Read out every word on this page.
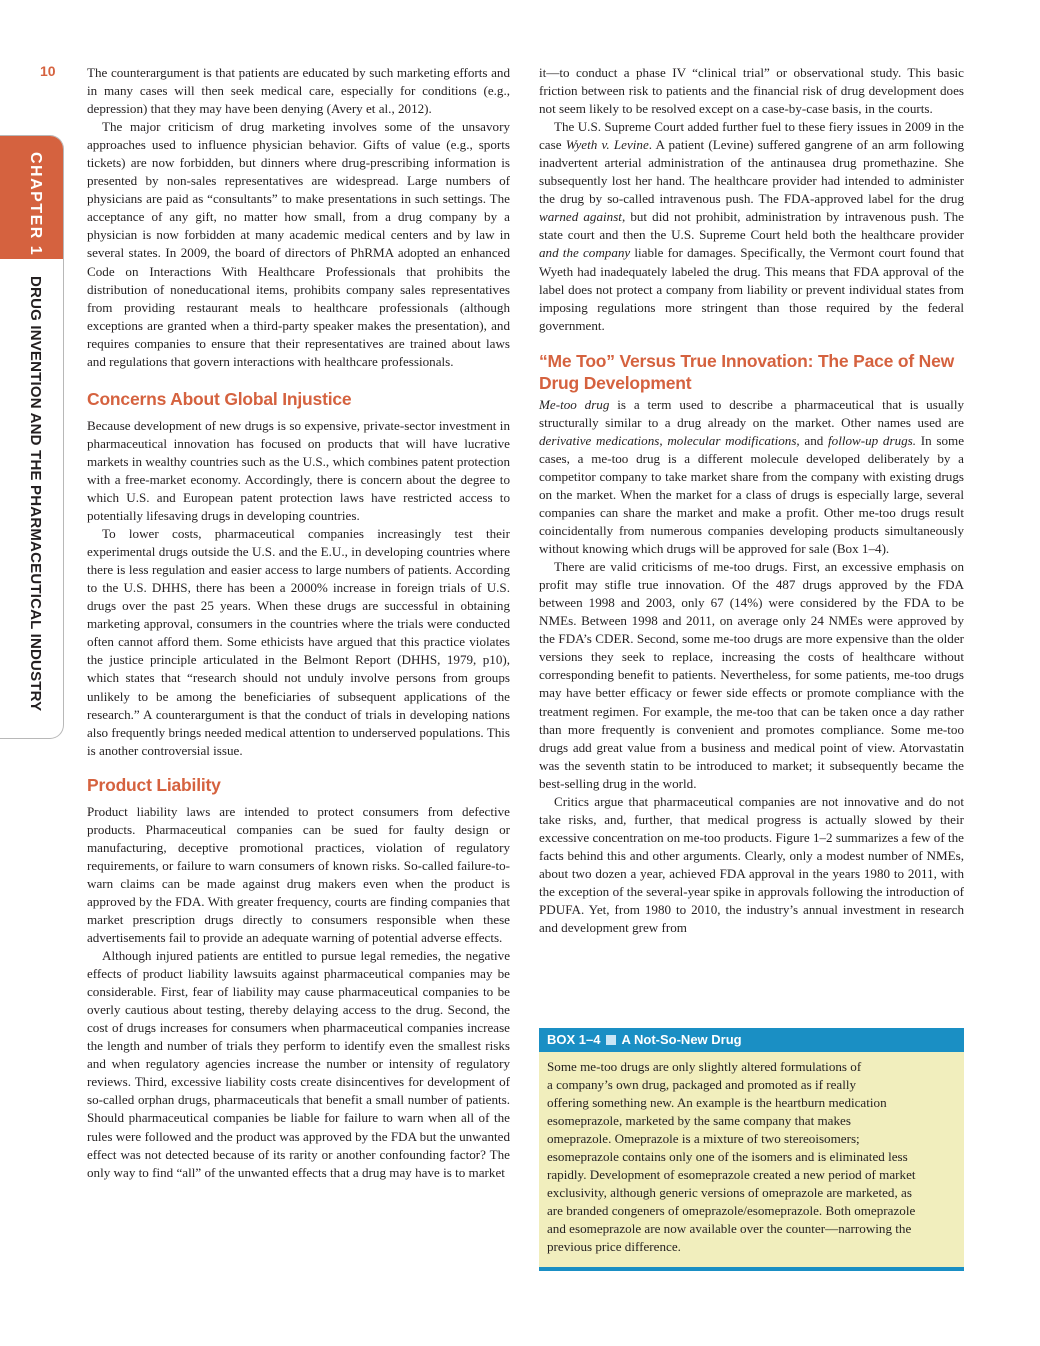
10
CHAPTER 1
DRUG INVENTION AND THE PHARMACEUTICAL INDUSTRY

The counterargument is that patients are educated by such marketing efforts and in many cases will then seek medical care, especially for conditions (e.g., depression) that they may have been denying (Avery et al., 2012).

The major criticism of drug marketing involves some of the unsavory approaches used to influence physician behavior. Gifts of value (e.g., sports tickets) are now forbidden, but dinners where drug-prescribing information is presented by non-sales representatives are widespread. Large numbers of physicians are paid as “consultants” to make presentations in such settings. The acceptance of any gift, no matter how small, from a drug company by a physician is now forbidden at many academic medical centers and by law in several states. In 2009, the board of directors of PhRMA adopted an enhanced Code on Interactions With Healthcare Professionals that prohibits the distribution of noneducational items, prohibits company sales representatives from providing restaurant meals to healthcare professionals (although exceptions are granted when a third-party speaker makes the presentation), and requires companies to ensure that their representatives are trained about laws and regulations that govern interactions with healthcare professionals.

Concerns About Global Injustice

Because development of new drugs is so expensive, private-sector investment in pharmaceutical innovation has focused on products that will have lucrative markets in wealthy countries such as the U.S., which combines patent protection with a free-market economy. Accordingly, there is concern about the degree to which U.S. and European patent protection laws have restricted access to potentially lifesaving drugs in developing countries.

To lower costs, pharmaceutical companies increasingly test their experimental drugs outside the U.S. and the E.U., in developing countries where there is less regulation and easier access to large numbers of patients. According to the U.S. DHHS, there has been a 2000% increase in foreign trials of U.S. drugs over the past 25 years. When these drugs are successful in obtaining marketing approval, consumers in the countries where the trials were conducted often cannot afford them. Some ethicists have argued that this practice violates the justice principle articulated in the Belmont Report (DHHS, 1979, p10), which states that “research should not unduly involve persons from groups unlikely to be among the beneficiaries of subsequent applications of the research.” A counterargument is that the conduct of trials in developing nations also frequently brings needed medical attention to underserved populations. This is another controversial issue.

Product Liability

Product liability laws are intended to protect consumers from defective products. Pharmaceutical companies can be sued for faulty design or manufacturing, deceptive promotional practices, violation of regulatory requirements, or failure to warn consumers of known risks. So-called failure-to-warn claims can be made against drug makers even when the product is approved by the FDA. With greater frequency, courts are finding companies that market prescription drugs directly to consumers responsible when these advertisements fail to provide an adequate warning of potential adverse effects.

Although injured patients are entitled to pursue legal remedies, the negative effects of product liability lawsuits against pharmaceutical companies may be considerable. First, fear of liability may cause pharmaceutical companies to be overly cautious about testing, thereby delaying access to the drug. Second, the cost of drugs increases for consumers when pharmaceutical companies increase the length and number of trials they perform to identify even the smallest risks and when regulatory agencies increase the number or intensity of regulatory reviews. Third, excessive liability costs create disincentives for development of so-called orphan drugs, pharmaceuticals that benefit a small number of patients. Should pharmaceutical companies be liable for failure to warn when all of the rules were followed and the product was approved by the FDA but the unwanted effect was not detected because of its rarity or another confounding factor? The only way to find “all” of the unwanted effects that a drug may have is to market

it—to conduct a phase IV “clinical trial” or observational study. This basic friction between risk to patients and the financial risk of drug development does not seem likely to be resolved except on a case-by-case basis, in the courts.

The U.S. Supreme Court added further fuel to these fiery issues in 2009 in the case Wyeth v. Levine. A patient (Levine) suffered gangrene of an arm following inadvertent arterial administration of the antinausea drug promethazine. She subsequently lost her hand. The healthcare provider had intended to administer the drug by so-called intravenous push. The FDA-approved label for the drug warned against, but did not prohibit, administration by intravenous push. The state court and then the U.S. Supreme Court held both the healthcare provider and the company liable for damages. Specifically, the Vermont court found that Wyeth had inadequately labeled the drug. This means that FDA approval of the label does not protect a company from liability or prevent individual states from imposing regulations more stringent than those required by the federal government.

“Me Too” Versus True Innovation: The Pace of New Drug Development

Me-too drug is a term used to describe a pharmaceutical that is usually structurally similar to a drug already on the market. Other names used are derivative medications, molecular modifications, and follow-up drugs. In some cases, a me-too drug is a different molecule developed deliberately by a competitor company to take market share from the company with existing drugs on the market. When the market for a class of drugs is especially large, several companies can share the market and make a profit. Other me-too drugs result coincidentally from numerous companies developing products simultaneously without knowing which drugs will be approved for sale (Box 1–4).

There are valid criticisms of me-too drugs. First, an excessive emphasis on profit may stifle true innovation. Of the 487 drugs approved by the FDA between 1998 and 2003, only 67 (14%) were considered by the FDA to be NMEs. Between 1998 and 2011, on average only 24 NMEs were approved by the FDA’s CDER. Second, some me-too drugs are more expensive than the older versions they seek to replace, increasing the costs of healthcare without corresponding benefit to patients. Nevertheless, for some patients, me-too drugs may have better efficacy or fewer side effects or promote compliance with the treatment regimen. For example, the me-too that can be taken once a day rather than more frequently is convenient and promotes compliance. Some me-too drugs add great value from a business and medical point of view. Atorvastatin was the seventh statin to be introduced to market; it subsequently became the best-selling drug in the world.

Critics argue that pharmaceutical companies are not innovative and do not take risks, and, further, that medical progress is actually slowed by their excessive concentration on me-too products. Figure 1–2 summarizes a few of the facts behind this and other arguments. Clearly, only a modest number of NMEs, about two dozen a year, achieved FDA approval in the years 1980 to 2011, with the exception of the several-year spike in approvals following the introduction of PDUFA. Yet, from 1980 to 2010, the industry’s annual investment in research and development grew from

BOX 1–4 A Not-So-New Drug
Some me-too drugs are only slightly altered formulations of
a company’s own drug, packaged and promoted as if really
offering something new. An example is the heartburn medication
esomeprazole, marketed by the same company that makes
omeprazole. Omeprazole is a mixture of two stereoisomers;
esomeprazole contains only one of the isomers and is eliminated less
rapidly. Development of esomeprazole created a new period of market
exclusivity, although generic versions of omeprazole are marketed, as
are branded congeners of omeprazole/esomeprazole. Both omeprazole
and esomeprazole are now available over the counter—narrowing the
previous price difference.
